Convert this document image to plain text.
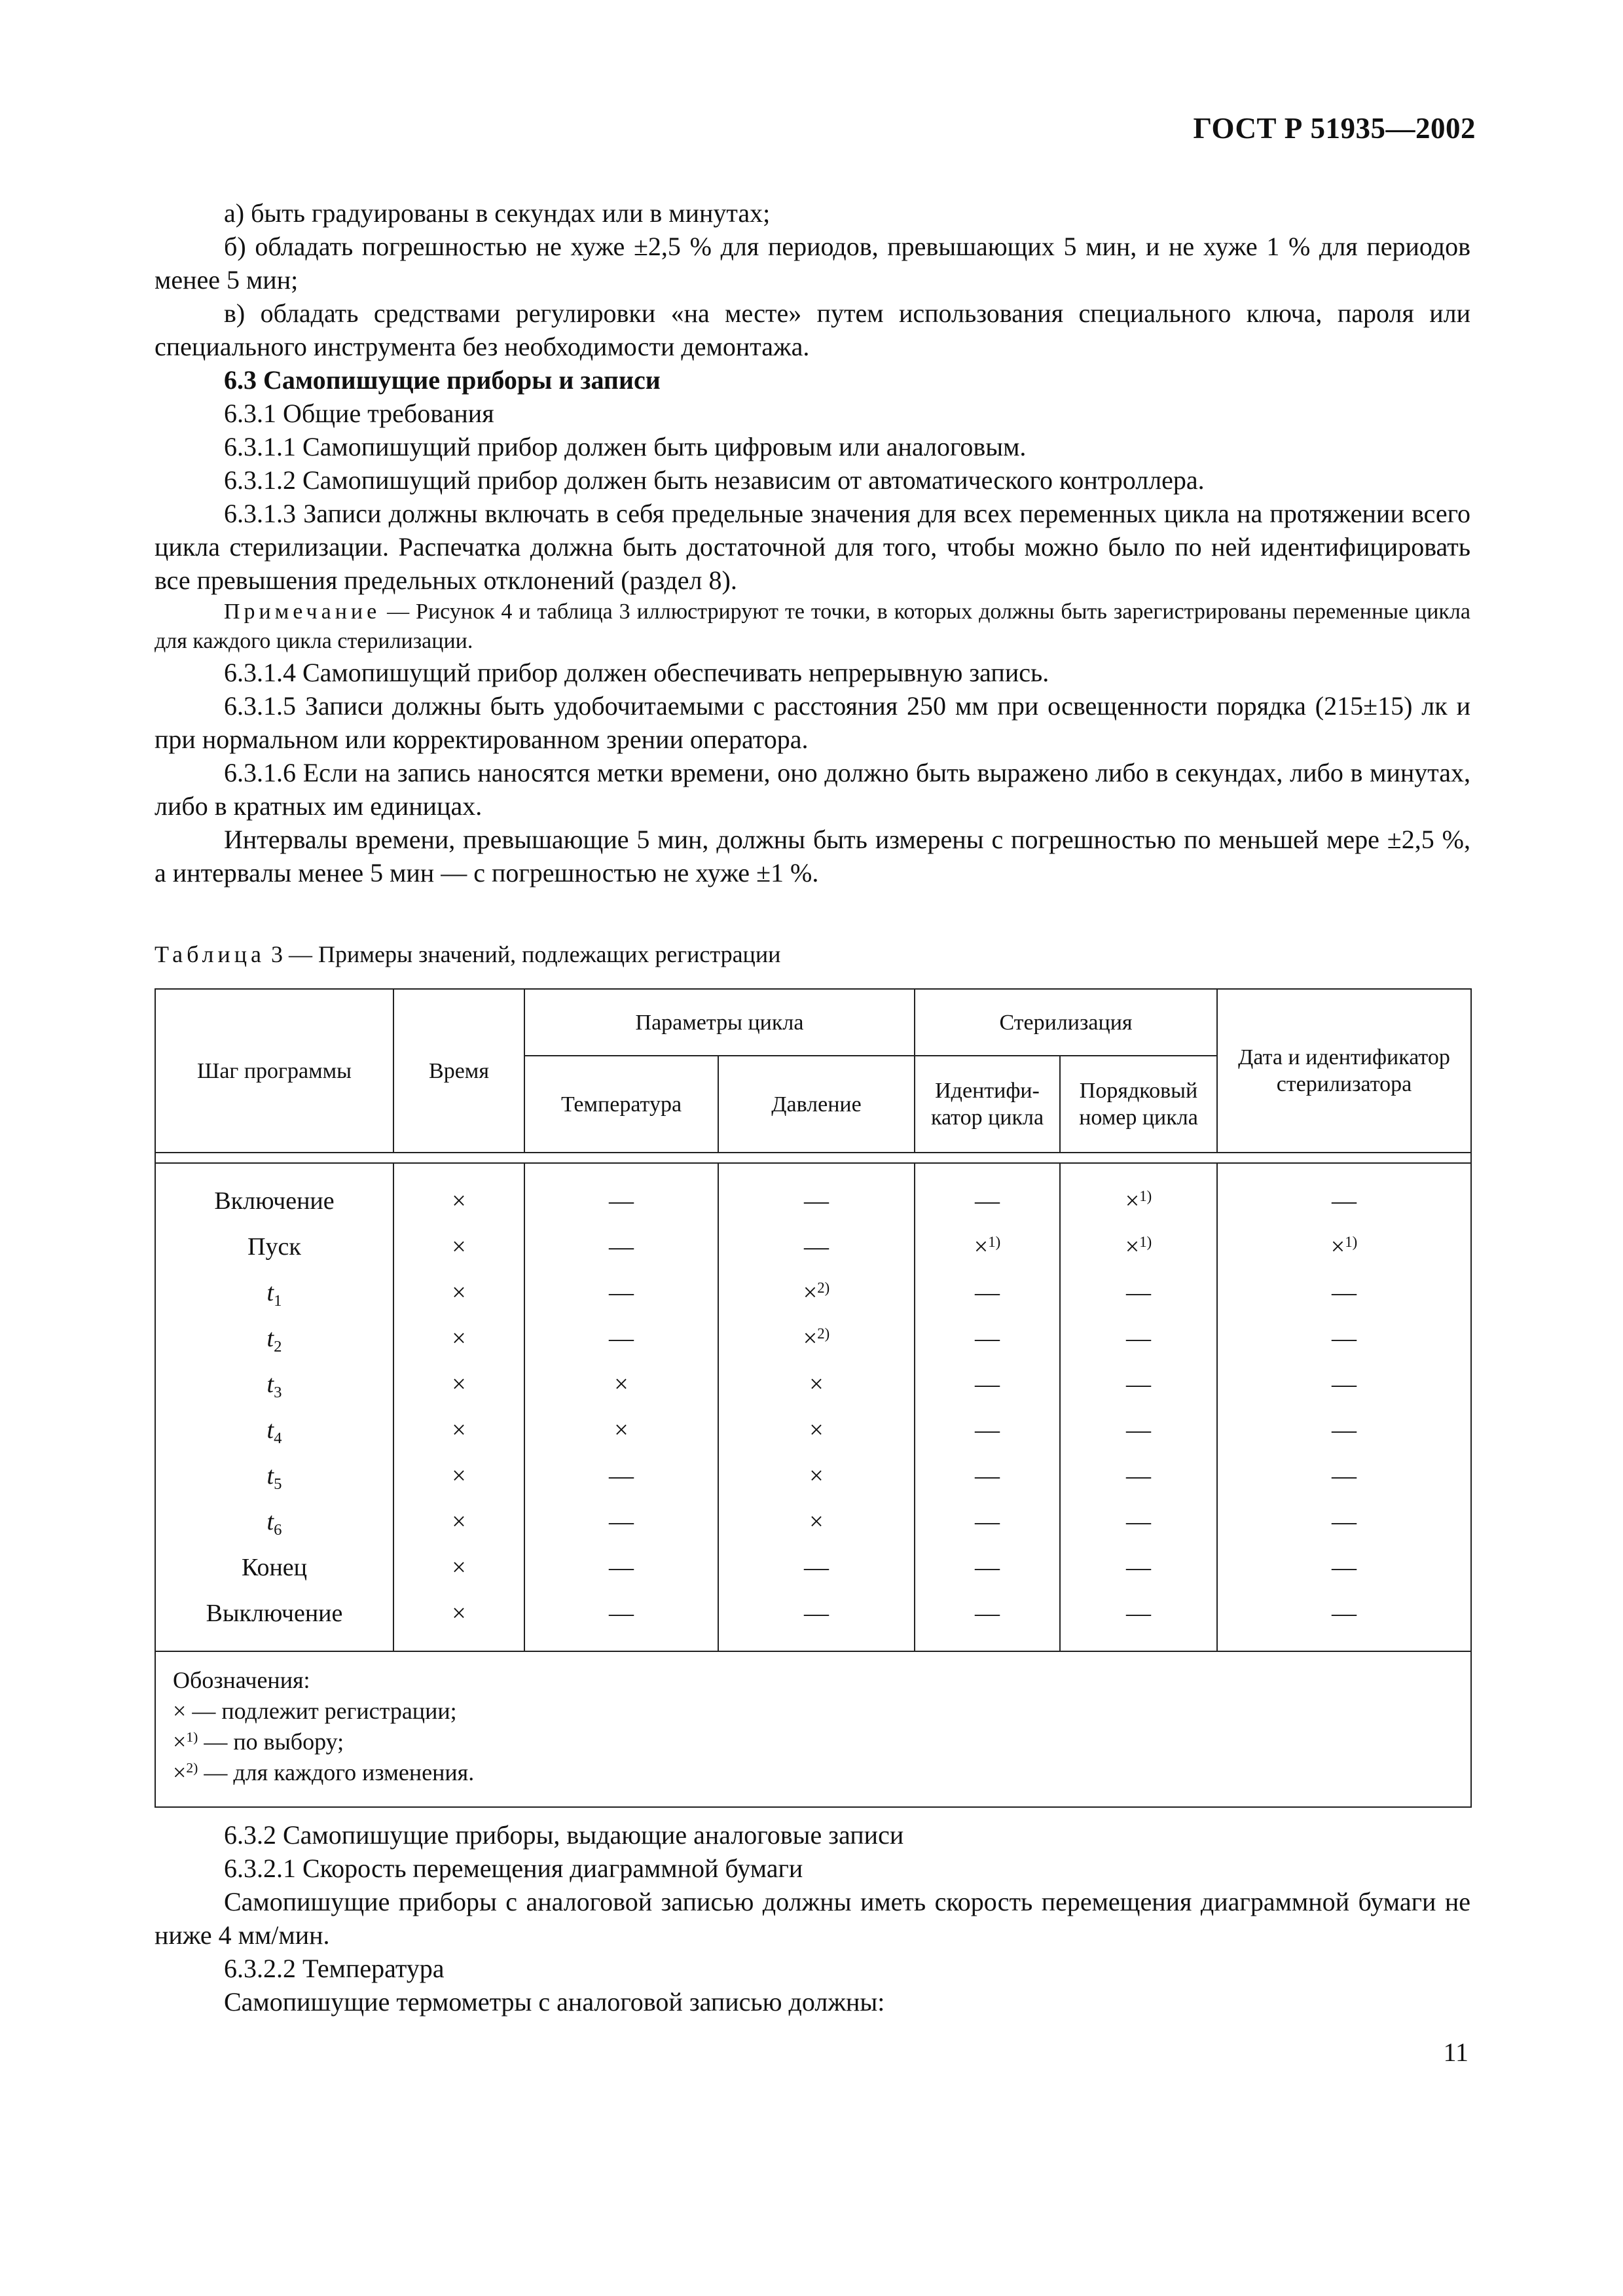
ГОСТ Р 51935—2002

а) быть градуированы в секундах или в минутах;

б) обладать погрешностью не хуже ±2,5 % для периодов, превышающих 5 мин, и не хуже 1 % для периодов менее 5 мин;

в) обладать средствами регулировки «на месте» путем использования специального ключа, пароля или специального инструмента без необходимости демонтажа.

6.3 Самопишущие приборы и записи

6.3.1 Общие требования

6.3.1.1 Самопишущий прибор должен быть цифровым или аналоговым.

6.3.1.2 Самопишущий прибор должен быть независим от автоматического контроллера.

6.3.1.3 Записи должны включать в себя предельные значения для всех переменных цикла на протяжении всего цикла стерилизации. Распечатка должна быть достаточной для того, чтобы можно было по ней идентифицировать все превышения предельных отклонений (раздел 8).

Примечание — Рисунок 4 и таблица 3 иллюстрируют те точки, в которых должны быть зарегистрированы переменные цикла для каждого цикла стерилизации.

6.3.1.4 Самопишущий прибор должен обеспечивать непрерывную запись.

6.3.1.5 Записи должны быть удобочитаемыми с расстояния 250 мм при освещенности порядка (215±15) лк и при нормальном или корректированном зрении оператора.

6.3.1.6 Если на запись наносятся метки времени, оно должно быть выражено либо в секундах, либо в минутах, либо в кратных им единицах.

Интервалы времени, превышающие 5 мин, должны быть измерены с погрешностью по меньшей мере ±2,5 %, а интервалы менее 5 мин — с погрешностью не хуже ±1 %.

Таблица 3 — Примеры значений, подлежащих регистрации
Шаг программы	Время	Параметры цикла		Стерилизация		Дата и идентификатор
стерилизатора
		Температура	Давление	Идентифи-
катор цикла	Порядковый
номер цикла	

Включение	×	—	—	—	×$^{1)}$	—
Пуск	×	—	—	×$^{1)}$	×$^{1)}$	×$^{1)}$
$t_1$	×	—	×$^{2)}$	—	—	—
$t_2$	×	—	×$^{2)}$	—	—	—
$t_3$	×	×	×	—	—	—
$t_4$	×	×	×	—	—	—
$t_5$	×	—	×	—	—	—
$t_6$	×	—	×	—	—	—
Конец	×	—	—	—	—	—
Выключение	×	—	—	—	—	—

Обозначения:
× — подлежит регистрации;
×$^{1)}$ — по выбору;
×$^{2)}$ — для каждого изменения.						

6.3.2 Самопишущие приборы, выдающие аналоговые записи

6.3.2.1 Скорость перемещения диаграммной бумаги

Самопишущие приборы с аналоговой записью должны иметь скорость перемещения диаграммной бумаги не ниже 4 мм/мин.

6.3.2.2 Температура

Самопишущие термометры с аналоговой записью должны:

11
